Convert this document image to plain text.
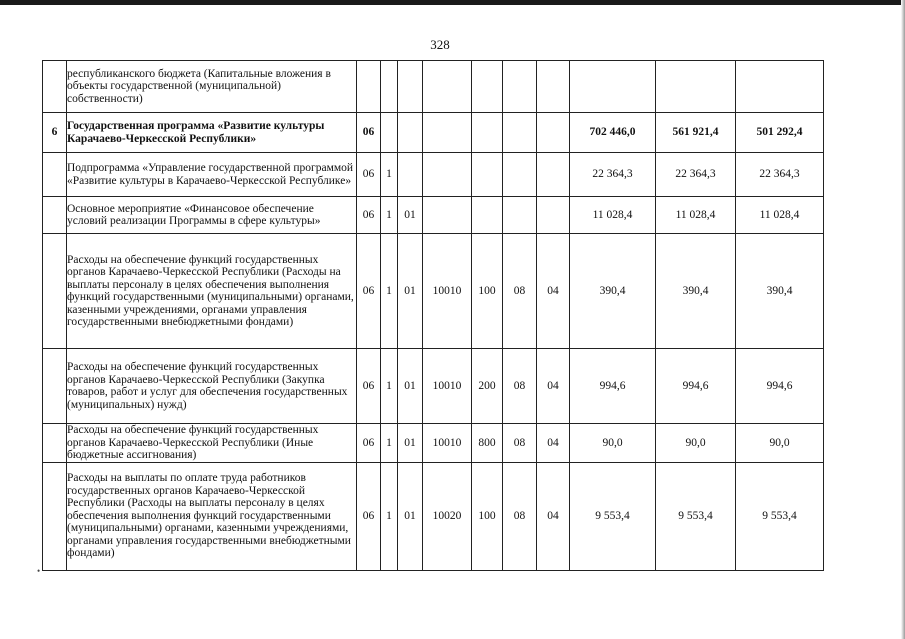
328
	республиканского бюджета (Капитальные вложения в объекты государственной (муниципальной) собственности)										
6	Государственная программа «Развитие культуры Карачаево-Черкесской Республики»	06							702 446,0	561 921,4	501 292,4
	Подпрограмма «Управление государственной программой «Развитие культуры в Карачаево-Черкесской Республике»	06	1						22 364,3	22 364,3	22 364,3
	Основное мероприятие «Финансовое обеспечение условий реализации Программы в сфере культуры»	06	1	01					11 028,4	11 028,4	11 028,4
	Расходы на обеспечение функций государственных органов Карачаево-Черкесской Республики (Расходы на выплаты персоналу в целях обеспечения выполнения функций государственными (муниципальными) органами, казенными учреждениями, органами управления государственными внебюджетными фондами)	06	1	01	10010	100	08	04	390,4	390,4	390,4
	Расходы на обеспечение функций государственных органов Карачаево-Черкесской Республики (Закупка товаров, работ и услуг для обеспечения государственных (муниципальных) нужд)	06	1	01	10010	200	08	04	994,6	994,6	994,6
	Расходы на обеспечение функций государственных органов Карачаево-Черкесской Республики (Иные бюджетные ассигнования)	06	1	01	10010	800	08	04	90,0	90,0	90,0
	Расходы на выплаты по оплате труда работников государственных органов Карачаево-Черкесской Республики (Расходы на выплаты персоналу в целях обеспечения выполнения функций государственными (муниципальными) органами, казенными учреждениями, органами управления государственными внебюджетными фондами)	06	1	01	10020	100	08	04	9 553,4	9 553,4	9 553,4
•
